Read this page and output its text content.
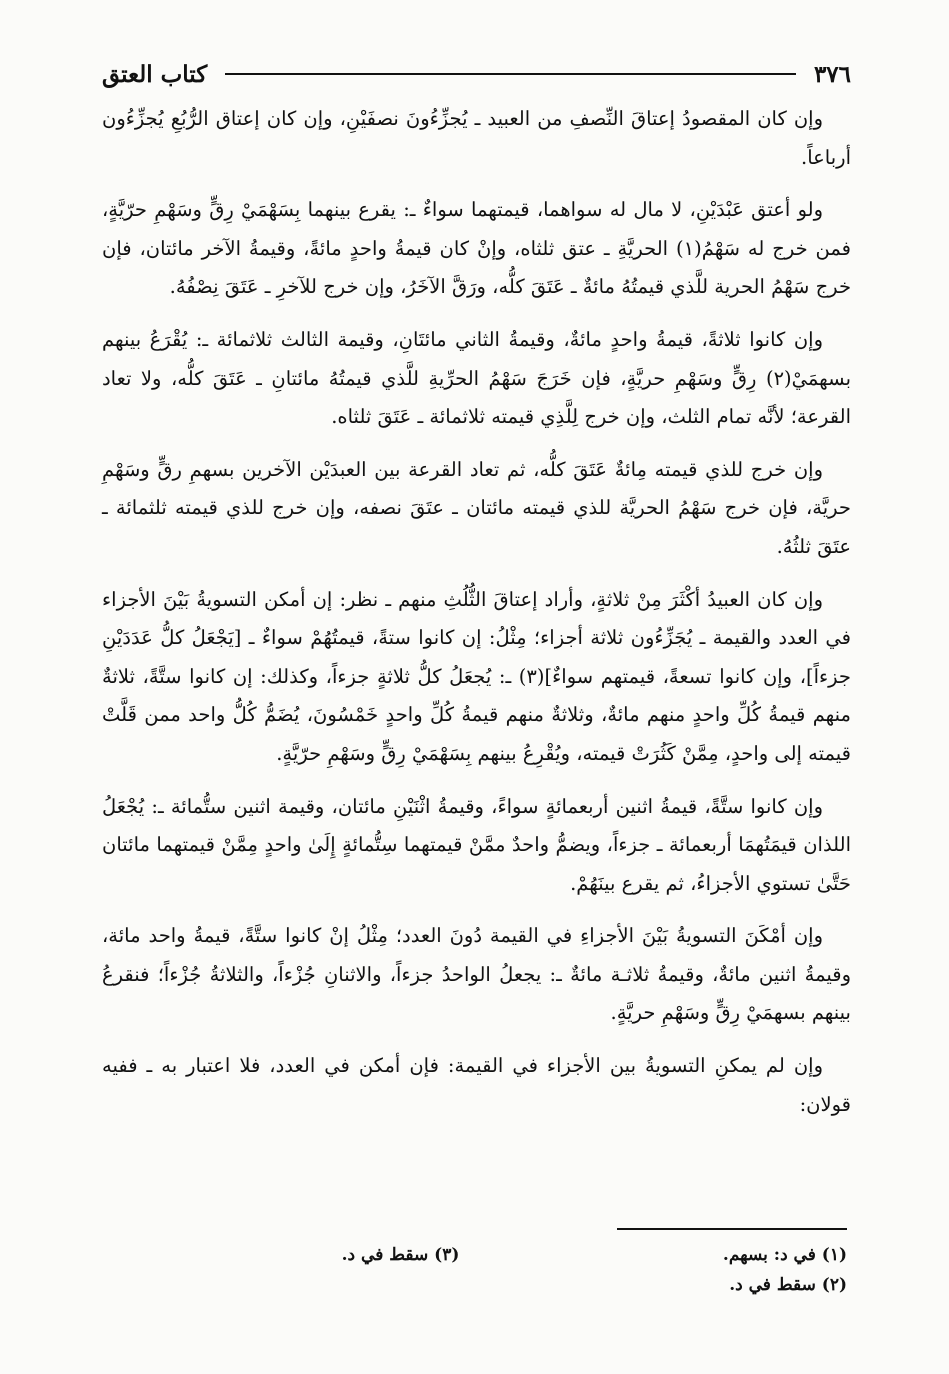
٣٧٦
كتاب العتق

وإن كان المقصودُ إعتاقَ النِّصفِ من العبيد ـ يُجزِّءُونَ نصفَيْنِ، وإن كان إعتاق الرُّبُعِ يُجزِّءُون أرباعاً.

ولو أعتق عَبْدَيْنِ، لا مال له سواهما، قيمتهما سواءٌ ـ: يقرع بينهما بِسَهْمَيْ رِقٍّ وسَهْمِ حرّيَّةٍ، فمن خرج له سَهْمُ(١) الحريَّةِ ـ عتق ثلثاه، وإنْ كان قيمةُ واحدٍ مائةً، وقيمةُ الآخر مائتان، فإن خرج سَهْمُ الحرية للَّذي قيمتُهُ مائةٌ ـ عَتَقَ كلُّه، ورَقَّ الآخَرُ، وإن خرج للآخرِ ـ عَتَقَ نِصْفُهُ.

وإن كانوا ثلاثةً، قيمةُ واحدٍ مائةٌ، وقيمةُ الثاني مائتَانِ، وقيمة الثالث ثلاثمائة ـ: يُقْرَعُ بينهم بسهمَيْ(٢) رِقٍّ وسَهْمِ حريَّةٍ، فإن خَرَجَ سَهْمُ الحرِّيةِ للَّذي قيمتُهُ مائتانِ ـ عَتَقَ كلُّه، ولا تعاد القرعة؛ لأنَّه تمام الثلث، وإن خرج لِلَّذِي قيمته ثلاثمائة ـ عَتَقَ ثلثاه.

وإن خرج للذي قيمته مِائةٌ عَتَقَ كلُّه، ثم تعاد القرعة بين العبدَيْن الآخرين بسهمِ رقٍّ وسَهْمِ حريَّة، فإن خرج سَهْمُ الحريَّة للذي قيمته مائتان ـ عتَقَ نصفه، وإن خرج للذي قيمته ثلثمائة ـ عتَقَ ثلثُهُ.

وإن كان العبيدُ أكْثَرَ مِنْ ثلاثةٍ، وأراد إعتاقَ الثُّلُثِ منهم ـ نظر: إن أمكن التسويةُ بَيْنَ الأجزاء في العدد والقيمة ـ يُجَزِّءُون ثلاثة أجزاء؛ مِثْلُ: إن كانوا ستةً، قيمتُهُمْ سواءٌ ـ [يَجْعَلُ كلُّ عَدَدَيْنِ جزءاً]، وإن كانوا تسعةً، قيمتهم سواءٌ](٣) ـ: يُجعَلُ كلُّ ثلاثةٍ جزءاً، وكذلك: إن كانوا ستَّةً، ثلاثةٌ منهم قيمةُ كُلِّ واحدٍ منهم مائةٌ، وثلاثةٌ منهم قيمةُ كُلِّ واحدٍ خَمْسُونَ، يُضَمُّ كُلُّ واحد ممن قَلَّتْ قيمته إلى واحدٍ، مِمَّنْ كَثُرَتْ قيمته، ويُقْرِعُ بينهم بِسَهْمَيْ رِقٍّ وسَهْمِ حرّيَّةٍ.

وإن كانوا ستَّةً، قيمةُ اثنين أربعمائةٍ سواءً، وقيمةُ اثْنَيْنِ مائتان، وقيمة اثنين ستُّمائة ـ: يُجْعَلُ اللذان قيمَتُهمَا أربعمائة ـ جزءاً، ويضمُّ واحدٌ ممَّنْ قيمتهما سِتُّمائةٍ إِلَىٰ واحدٍ مِمَّنْ قيمتهما مائتان حَتَّىٰ تستوي الأجزاءُ، ثم يقرع بينَهُمْ.

وإن أمْكَنَ التسويةُ بَيْنَ الأجزاءِ في القيمة دُونَ العدد؛ مِثْلُ إنْ كانوا ستَّةً، قيمةُ واحد مائة، وقيمةُ اثنين مائةٌ، وقيمةُ ثلاثـة مائةٌ ـ: يجعلُ الواحدُ جزءاً، والاثنانِ جُزْءاً، والثلاثةُ جُزْءاً؛ فنقرعُ بينهم بسهمَيْ رِقٍّ وسَهْمِ حريَّةٍ.

وإن لم يمكنِ التسويةُ بين الأجزاء في القيمة: فإن أمكن في العدد، فلا اعتبار به ـ ففيه قولان:

(١) في د: بسهم.
(٢) سقط في د.
(٣) سقط في د.
